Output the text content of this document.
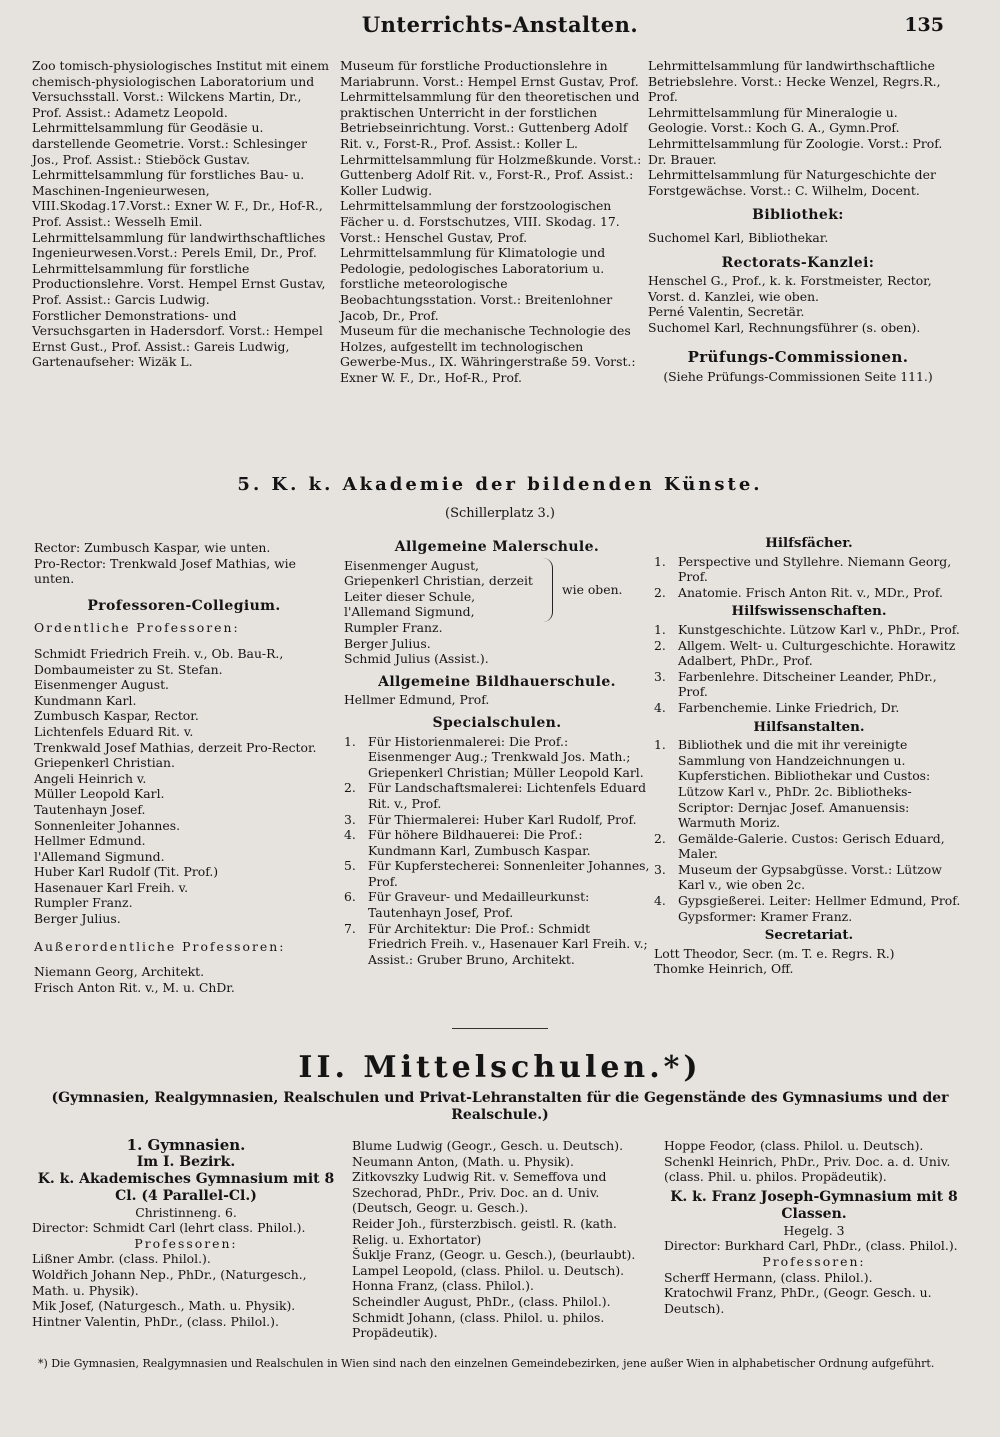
Unterrichts-Anstalten.	135

Zoo tomisch-physiologisches Institut mit einem chemisch-physiologischen Laboratorium und Versuchsstall. Vorst.: Wilckens Martin, Dr., Prof. Assist.: Adametz Leopold.

Lehrmittelsammlung für Geodäsie u. darstellende Geometrie. Vorst.: Schlesinger Jos., Prof. Assist.: Stieböck Gustav.

Lehrmittelsammlung für forstliches Bau- u. Maschinen-Ingenieurwesen, VIII.Skodag.17.Vorst.: Exner W. F., Dr., Hof-R., Prof. Assist.: Wesselh Emil.

Lehrmittelsammlung für landwirthschaftliches Ingenieurwesen.Vorst.: Perels Emil, Dr., Prof.

Lehrmittelsammlung für forstliche Productionslehre. Vorst. Hempel Ernst Gustav, Prof. Assist.: Garcis Ludwig.

Forstlicher Demonstrations- und Versuchsgarten in Hadersdorf. Vorst.: Hempel Ernst Gust., Prof. Assist.: Gareis Ludwig, Gartenaufseher: Wizäk L.

Museum für forstliche Productionslehre in Mariabrunn. Vorst.: Hempel Ernst Gustav, Prof.

Lehrmittelsammlung für den theoretischen und praktischen Unterricht in der forstlichen Betriebseinrichtung. Vorst.: Guttenberg Adolf Rit. v., Forst-R., Prof. Assist.: Koller L.

Lehrmittelsammlung für Holzmeßkunde. Vorst.: Guttenberg Adolf Rit. v., Forst-R., Prof. Assist.: Koller Ludwig.

Lehrmittelsammlung der forstzoologischen Fächer u. d. Forstschutzes, VIII. Skodag. 17. Vorst.: Henschel Gustav, Prof.

Lehrmittelsammlung für Klimatologie und Pedologie, pedologisches Laboratorium u. forstliche meteorologische Beobachtungsstation. Vorst.: Breitenlohner Jacob, Dr., Prof.

Museum für die mechanische Technologie des Holzes, aufgestellt im technologischen Gewerbe-Mus., IX. Währingerstraße 59. Vorst.: Exner W. F., Dr., Hof-R., Prof.

Lehrmittelsammlung für landwirthschaftliche Betriebslehre. Vorst.: Hecke Wenzel, Regrs.R., Prof.

Lehrmittelsammlung für Mineralogie u. Geologie. Vorst.: Koch G. A., Gymn.Prof.

Lehrmittelsammlung für Zoologie. Vorst.: Prof. Dr. Brauer.

Lehrmittelsammlung für Naturgeschichte der Forstgewächse. Vorst.: C. Wilhelm, Docent.

Bibliothek:

Suchomel Karl, Bibliothekar.

Rectorats-Kanzlei:

Henschel G., Prof., k. k. Forstmeister, Rector, Vorst. d. Kanzlei, wie oben.

Perné Valentin, Secretär.

Suchomel Karl, Rechnungsführer (s. oben).

Prüfungs-Commissionen.

(Siehe Prüfungs-Commissionen Seite 111.)

5. K. k. Akademie der bildenden Künste.
(Schillerplatz 3.)

Rector: Zumbusch Kaspar, wie unten.

Pro-Rector: Trenkwald Josef Mathias, wie unten.

Professoren-Collegium.

Ordentliche Professoren:

Schmidt Friedrich Freih. v., Ob. Bau-R., Dombaumeister zu St. Stefan.

Eisenmenger August.

Kundmann Karl.

Zumbusch Kaspar, Rector.

Lichtenfels Eduard Rit. v.

Trenkwald Josef Mathias, derzeit Pro-Rector.

Griepenkerl Christian.

Angeli Heinrich v.

Müller Leopold Karl.

Tautenhayn Josef.

Sonnenleiter Johannes.

Hellmer Edmund.

l'Allemand Sigmund.

Huber Karl Rudolf (Tit. Prof.)

Hasenauer Karl Freih. v.

Rumpler Franz.

Berger Julius.

Außerordentliche Professoren:

Niemann Georg, Architekt.

Frisch Anton Rit. v., M. u. ChDr.

Allgemeine Malerschule.

Eisenmenger August,

Griepenkerl Christian, derzeit Leiter dieser Schule,

l'Allemand Sigmund,

Rumpler Franz.

wie oben.

Berger Julius.

Schmid Julius (Assist.).

Allgemeine Bildhauerschule.

Hellmer Edmund, Prof.

Specialschulen.
1. Für Historienmalerei: Die Prof.: Eisenmenger Aug.; Trenkwald Jos. Math.; Griepenkerl Christian; Müller Leopold Karl.
2. Für Landschaftsmalerei: Lichtenfels Eduard Rit. v., Prof.
3. Für Thiermalerei: Huber Karl Rudolf, Prof.
4. Für höhere Bildhauerei: Die Prof.: Kundmann Karl, Zumbusch Kaspar.
5. Für Kupferstecherei: Sonnenleiter Johannes, Prof.
6. Für Graveur- und Medailleurkunst: Tautenhayn Josef, Prof.
7. Für Architektur: Die Prof.: Schmidt Friedrich Freih. v., Hasenauer Karl Freih. v.; Assist.: Gruber Bruno, Architekt.
Hilfsfächer.
1. Perspective und Styllehre. Niemann Georg, Prof.
2. Anatomie. Frisch Anton Rit. v., MDr., Prof.
Hilfswissenschaften.
1. Kunstgeschichte. Lützow Karl v., PhDr., Prof.
2. Allgem. Welt- u. Culturgeschichte. Horawitz Adalbert, PhDr., Prof.
3. Farbenlehre. Ditscheiner Leander, PhDr., Prof.
4. Farbenchemie. Linke Friedrich, Dr.
Hilfsanstalten.
1. Bibliothek und die mit ihr vereinigte Sammlung von Handzeichnungen u. Kupferstichen. Bibliothekar und Custos: Lützow Karl v., PhDr. 2c. Bibliotheks-Scriptor: Dernjac Josef. Amanuensis: Warmuth Moriz.
2. Gemälde-Galerie. Custos: Gerisch Eduard, Maler.
3. Museum der Gypsabgüsse. Vorst.: Lützow Karl v., wie oben 2c.
4. Gypsgießerei. Leiter: Hellmer Edmund, Prof. Gypsformer: Kramer Franz.
Secretariat.

Lott Theodor, Secr. (m. T. e. Regrs. R.)

Thomke Heinrich, Off.

II. Mittelschulen.*)
(Gymnasien, Realgymnasien, Realschulen und Privat-Lehranstalten für die Gegenstände des Gymnasiums und der Realschule.)

1. Gymnasien.

Im I. Bezirk.

K. k. Akademisches Gymnasium mit 8 Cl. (4 Parallel-Cl.)

Christinneng. 6.

Director: Schmidt Carl (lehrt class. Philol.).

Professoren:

Lißner Ambr. (class. Philol.).

Woldřich Johann Nep., PhDr., (Naturgesch., Math. u. Physik).

Mik Josef, (Naturgesch., Math. u. Physik).

Hintner Valentin, PhDr., (class. Philol.).

Blume Ludwig (Geogr., Gesch. u. Deutsch).

Neumann Anton, (Math. u. Physik).

Zitkovszky Ludwig Rit. v. Semeffova und Szechorad, PhDr., Priv. Doc. an d. Univ. (Deutsch, Geogr. u. Gesch.).

Reider Joh., fürsterzbisch. geistl. R. (kath. Relig. u. Exhortator)

Šuklje Franz, (Geogr. u. Gesch.), (beurlaubt).

Lampel Leopold, (class. Philol. u. Deutsch).

Honna Franz, (class. Philol.).

Scheindler August, PhDr., (class. Philol.).

Schmidt Johann, (class. Philol. u. philos. Propädeutik).

Hoppe Feodor, (class. Philol. u. Deutsch).

Schenkl Heinrich, PhDr., Priv. Doc. a. d. Univ. (class. Phil. u. philos. Propädeutik).

K. k. Franz Joseph-Gymnasium mit 8 Classen.

Hegelg. 3

Director: Burkhard Carl, PhDr., (class. Philol.).

Professoren:

Scherff Hermann, (class. Philol.).

Kratochwil Franz, PhDr., (Geogr. Gesch. u. Deutsch).

*) Die Gymnasien, Realgymnasien und Realschulen in Wien sind nach den einzelnen Gemeindebezirken, jene außer Wien in alphabetischer Ordnung aufgeführt.
